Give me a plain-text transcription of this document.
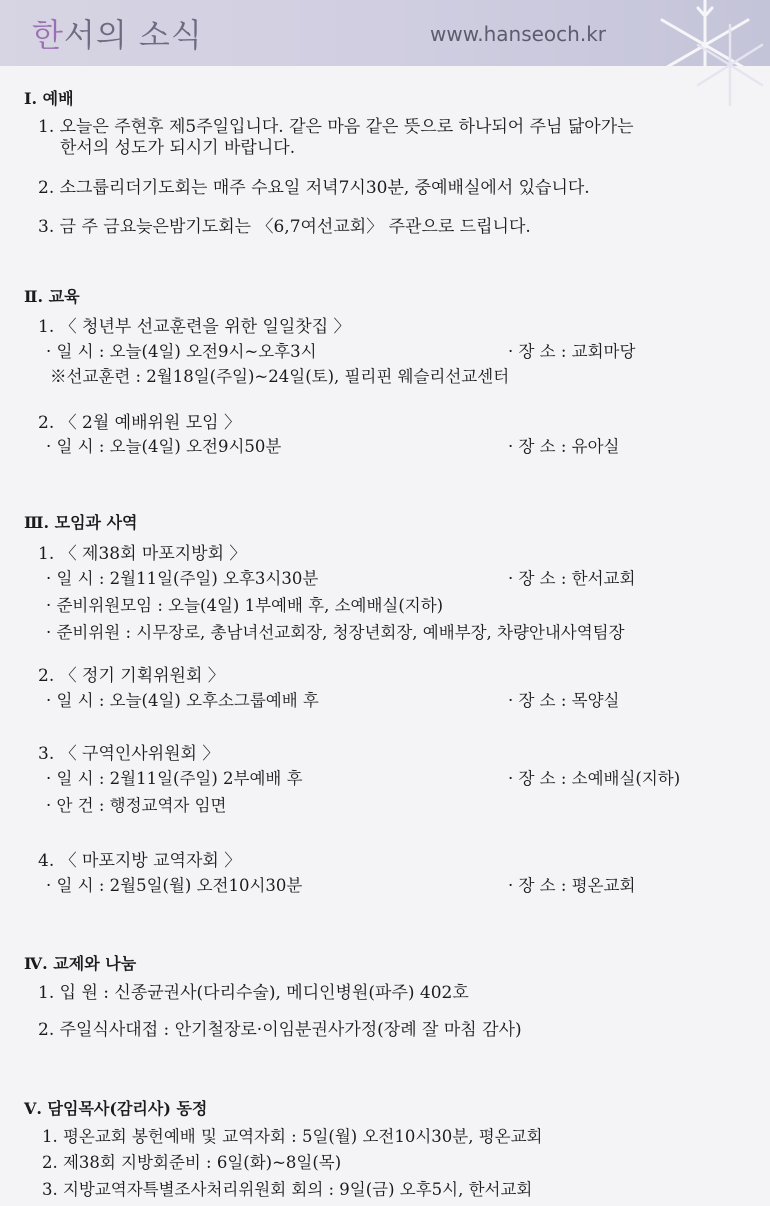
한서의 소식	www.hanseoch.kr
Ⅰ. 예배
1. 오늘은 주현후 제5주일입니다. 같은 마음 같은 뜻으로 하나되어 주님 닮아가는
한서의 성도가 되시기 바랍니다.
2. 소그룹리더기도회는 매주 수요일 저녁7시30분, 중예배실에서 있습니다.
3. 금 주 금요늦은밤기도회는 〈6,7여선교회〉 주관으로 드립니다.
Ⅱ. 교육
1. 〈 청년부 선교훈련을 위한 일일찻집 〉
· 일 시 : 오늘(4일) 오전9시~오후3시	· 장 소 : 교회마당
※선교훈련 : 2월18일(주일)~24일(토), 필리핀 웨슬리선교센터
2. 〈 2월 예배위원 모임 〉
· 일 시 : 오늘(4일) 오전9시50분	· 장 소 : 유아실
Ⅲ. 모임과 사역
1. 〈 제38회 마포지방회 〉
· 일 시 : 2월11일(주일) 오후3시30분	· 장 소 : 한서교회
· 준비위원모임 : 오늘(4일) 1부예배 후, 소예배실(지하)
· 준비위원 : 시무장로, 총남녀선교회장, 청장년회장, 예배부장, 차량안내사역팀장
2. 〈 정기 기획위원회 〉
· 일 시 : 오늘(4일) 오후소그룹예배 후	· 장 소 : 목양실
3. 〈 구역인사위원회 〉
· 일 시 : 2월11일(주일) 2부예배 후	· 장 소 : 소예배실(지하)
· 안 건 : 행정교역자 임면
4. 〈 마포지방 교역자회 〉
· 일 시 : 2월5일(월) 오전10시30분	· 장 소 : 평온교회
Ⅳ. 교제와 나눔
1. 입 원 : 신종균권사(다리수술), 메디인병원(파주) 402호
2. 주일식사대접 : 안기철장로·이임분권사가정(장례 잘 마침 감사)
Ⅴ. 담임목사(감리사) 동정
1. 평온교회 봉헌예배 및 교역자회 : 5일(월) 오전10시30분, 평온교회
2. 제38회 지방회준비 : 6일(화)~8일(목)
3. 지방교역자특별조사처리위원회 회의 : 9일(금) 오후5시, 한서교회
